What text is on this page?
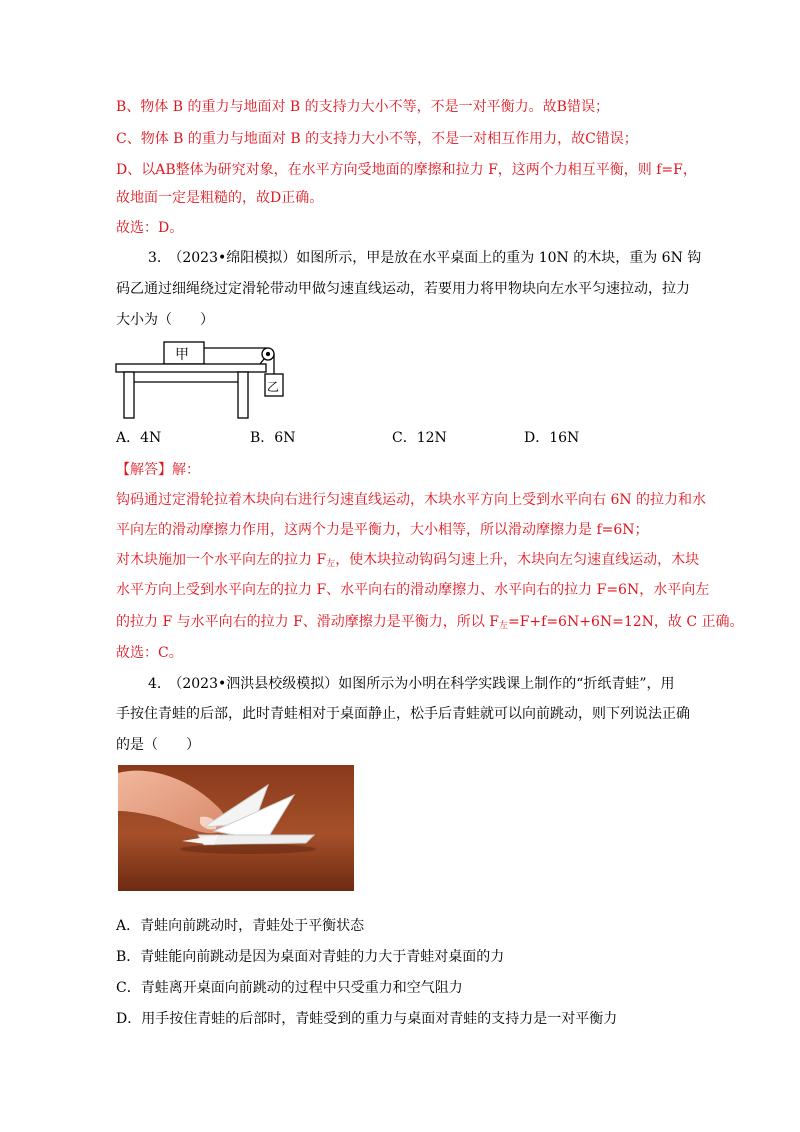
B、物体 B 的重力与地面对 B 的支持力大小不等，不是一对平衡力。故B错误；
C、物体 B 的重力与地面对 B 的支持力大小不等，不是一对相互作用力，故C错误；
D、以AB整体为研究对象，在水平方向受地面的摩擦和拉力 F，这两个力相互平衡，则 f=F，
故地面一定是粗糙的，故D正确。
故选：D。
3.　（2023•绵阳模拟）如图所示，甲是放在水平桌面上的重为 10N 的木块，重为 6N 钩
码乙通过细绳绕过定滑轮带动甲做匀速直线运动，若要用力将甲物块向左水平匀速拉动，拉力
大小为（　　）
甲
乙
A．4N	B．6N	C．12N	D．16N
【解答】解：
钩码通过定滑轮拉着木块向右进行匀速直线运动，木块水平方向上受到水平向右 6N 的拉力和水
平向左的滑动摩擦力作用，这两个力是平衡力，大小相等，所以滑动摩擦力是 f=6N；
对木块施加一个水平向左的拉力 $F_左$，使木块拉动钩码匀速上升，木块向左匀速直线运动，木块
水平方向上受到水平向左的拉力 F、水平向右的滑动摩擦力、水平向右的拉力 F=6N，水平向左
的拉力 F 与水平向右的拉力 F、滑动摩擦力是平衡力，所以 $F_左=F+f=6N+6N=12N$，故 C 正确。
故选：C。
4.　（2023•泗洪县校级模拟）如图所示为小明在科学实践课上制作的“折纸青蛙”，用
手按住青蛙的后部，此时青蛙相对于桌面静止，松手后青蛙就可以向前跳动，则下列说法正确
的是（　　）
A．青蛙向前跳动时，青蛙处于平衡状态
B．青蛙能向前跳动是因为桌面对青蛙的力大于青蛙对桌面的力
C．青蛙离开桌面向前跳动的过程中只受重力和空气阻力
D．用手按住青蛙的后部时，青蛙受到的重力与桌面对青蛙的支持力是一对平衡力
